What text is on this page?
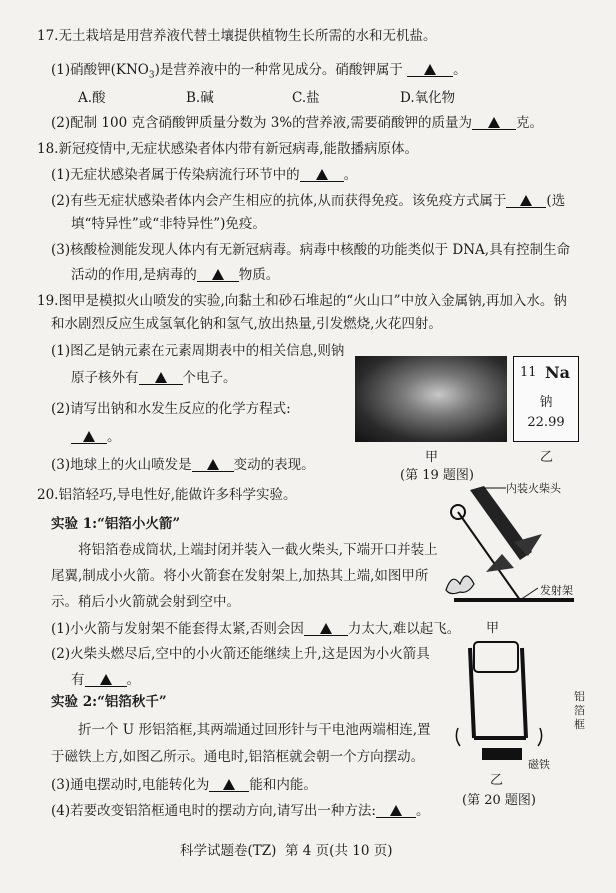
17.无土栽培是用营养液代替土壤提供植物生长所需的水和无机盐。
(1)硝酸钾$(KNO_3)$是营养液中的一种常见成分。硝酸钾属于	。
A.酸	B.碱	C.盐	D.氧化物
(2)配制 100 克含硝酸钾质量分数为 3%的营养液,需要硝酸钾的质量为	克。
18.新冠疫情中,无症状感染者体内带有新冠病毒,能散播病原体。
(1)无症状感染者属于传染病流行环节中的	。
(2)有些无症状感染者体内会产生相应的抗体,从而获得免疫。该免疫方式属于	(选
填“特异性”或“非特异性”)免疫。
(3)核酸检测能发现人体内有无新冠病毒。病毒中核酸的功能类似于 DNA,具有控制生命
活动的作用,是病毒的	物质。
19.图甲是模拟火山喷发的实验,向黏土和砂石堆起的“火山口”中放入金属钠,再加入水。钠
和水剧烈反应生成氢氧化钠和氢气,放出热量,引发燃烧,火花四射。
(1)图乙是钠元素在元素周期表中的相关信息,则钠
原子核外有	个电子。
(2)请写出钠和水发生反应的化学方程式:
。
(3)地球上的火山喷发是	变动的表现。
11 Na
钠
22.99
甲	乙
(第 19 题图)
20.铝箔轻巧,导电性好,能做许多科学实验。
实验 1:“铝箔小火箭”
将铝箔卷成筒状,上端封闭并装入一截火柴头,下端开口并装上
尾翼,制成小火箭。将小火箭套在发射架上,加热其上端,如图甲所
示。稍后小火箭就会射到空中。
(1)小火箭与发射架不能套得太紧,否则会因	力太大,难以起飞。
(2)火柴头燃尽后,空中的小火箭还能继续上升,这是因为小火箭具
有	。
实验 2:“铝箔秋千”
折一个 U 形铝箔框,其两端通过回形针与干电池两端相连,置
于磁铁上方,如图乙所示。通电时,铝箔框就会朝一个方向摆动。
(3)通电摆动时,电能转化为	能和内能。
(4)若要改变铝箔框通电时的摆动方向,请写出一种方法:	。
内装火柴头
发射架
甲
铝箔框
磁铁
乙
(第 20 题图)
科学试题卷(TZ)  第 4 页(共 10 页)
